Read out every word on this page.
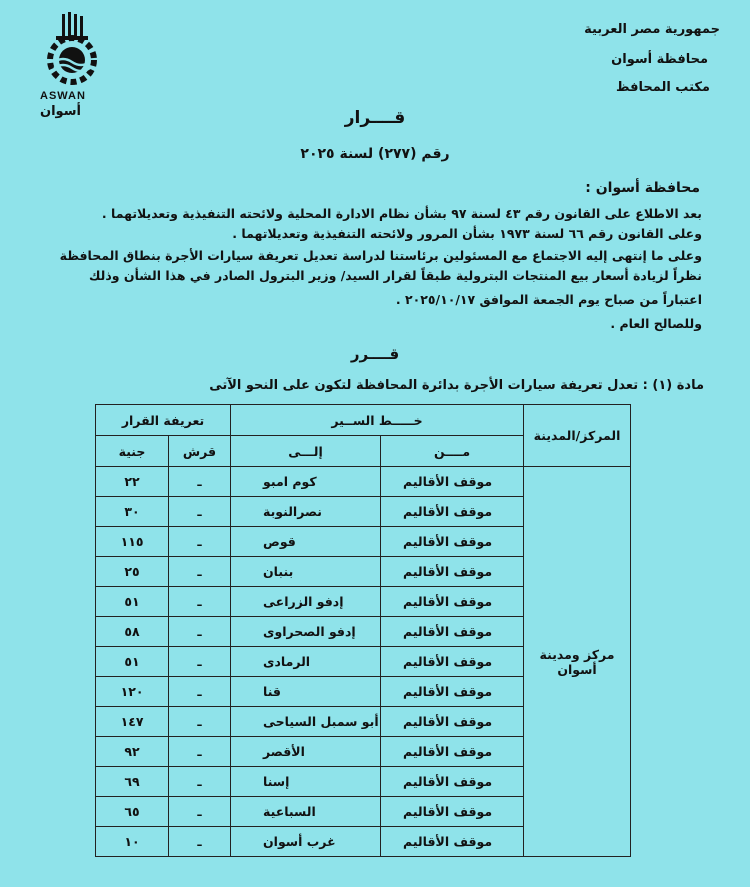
ASWAN
أسوان
جمهورية مصر العربية
محافظة أسوان
مكتب المحافظ
قــــرار
رقم (٢٧٧) لسنة ٢٠٢٥
محافظة أسوان :
بعد الاطلاع على القانون رقم ٤٣ لسنة ٩٧ بشأن نظام الادارة المحلية ولائحته التنفيذية وتعديلاتهما .
وعلى القانون رقم ٦٦ لسنة ١٩٧٣ بشأن المرور ولائحته التنفيذية وتعديلاتهما .
وعلى ما إنتهى إليه الاجتماع مع المسئولين برئاستنا لدراسة تعديل تعريفة سيارات الأجرة بنطاق المحافظة
نظراً لزيادة أسعار بيع المنتجات البترولية طبقاً لقرار السيد/ وزير البترول الصادر في هذا الشأن وذلك
اعتباراً من صباح يوم الجمعة الموافق ٢٠٢٥/١٠/١٧ .
وللصالح العام .
قــــرر
مادة (١) : تعدل تعريفة سيارات الأجرة بدائرة المحافظة لتكون على النحو الآتى
المركز/المدينة	خـــــط الســير		تعريفة القرار	
	مــــن	إلـــى	قرش	جنية
مركز ومدينة أسوان	موقف الأقاليم	كوم امبو	ـ	٢٢
	موقف الأقاليم	نصرالنوبة	ـ	٣٠
	موقف الأقاليم	قوص	ـ	١١٥
	موقف الأقاليم	بنبان	ـ	٢٥
	موقف الأقاليم	إدفو الزراعى	ـ	٥١
	موقف الأقاليم	إدفو الصحراوى	ـ	٥٨
	موقف الأقاليم	الرمادى	ـ	٥١
	موقف الأقاليم	قنا	ـ	١٢٠
	موقف الأقاليم	أبو سمبل السياحى	ـ	١٤٧
	موقف الأقاليم	الأقصر	ـ	٩٢
	موقف الأقاليم	إسنا	ـ	٦٩
	موقف الأقاليم	السباعية	ـ	٦٥
	موقف الأقاليم	غرب أسوان	ـ	١٠
